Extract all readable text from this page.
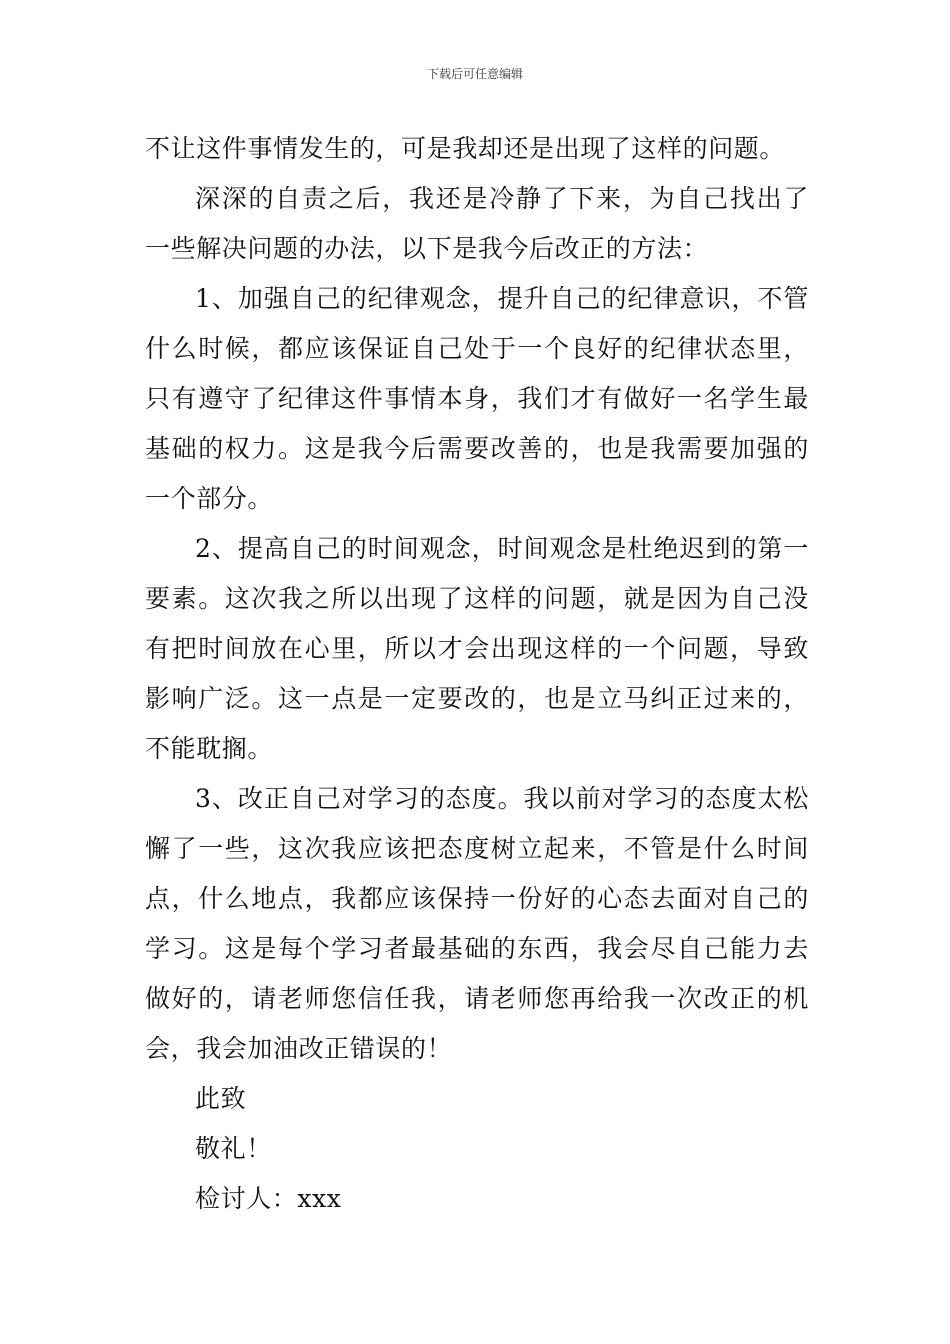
下载后可任意编辑

不让这件事情发生的，可是我却还是出现了这样的问题。

深深的自责之后，我还是冷静了下来，为自己找出了一些解决问题的办法，以下是我今后改正的方法：

1、加强自己的纪律观念，提升自己的纪律意识，不管什么时候，都应该保证自己处于一个良好的纪律状态里，只有遵守了纪律这件事情本身，我们才有做好一名学生最基础的权力。这是我今后需要改善的，也是我需要加强的一个部分。

2、提高自己的时间观念，时间观念是杜绝迟到的第一要素。这次我之所以出现了这样的问题，就是因为自己没有把时间放在心里，所以才会出现这样的一个问题，导致影响广泛。这一点是一定要改的，也是立马纠正过来的，不能耽搁。

3、改正自己对学习的态度。我以前对学习的态度太松懈了一些，这次我应该把态度树立起来，不管是什么时间点，什么地点，我都应该保持一份好的心态去面对自己的学习。这是每个学习者最基础的东西，我会尽自己能力去做好的，请老师您信任我，请老师您再给我一次改正的机会，我会加油改正错误的！

此致

敬礼！

检讨人：xxx
